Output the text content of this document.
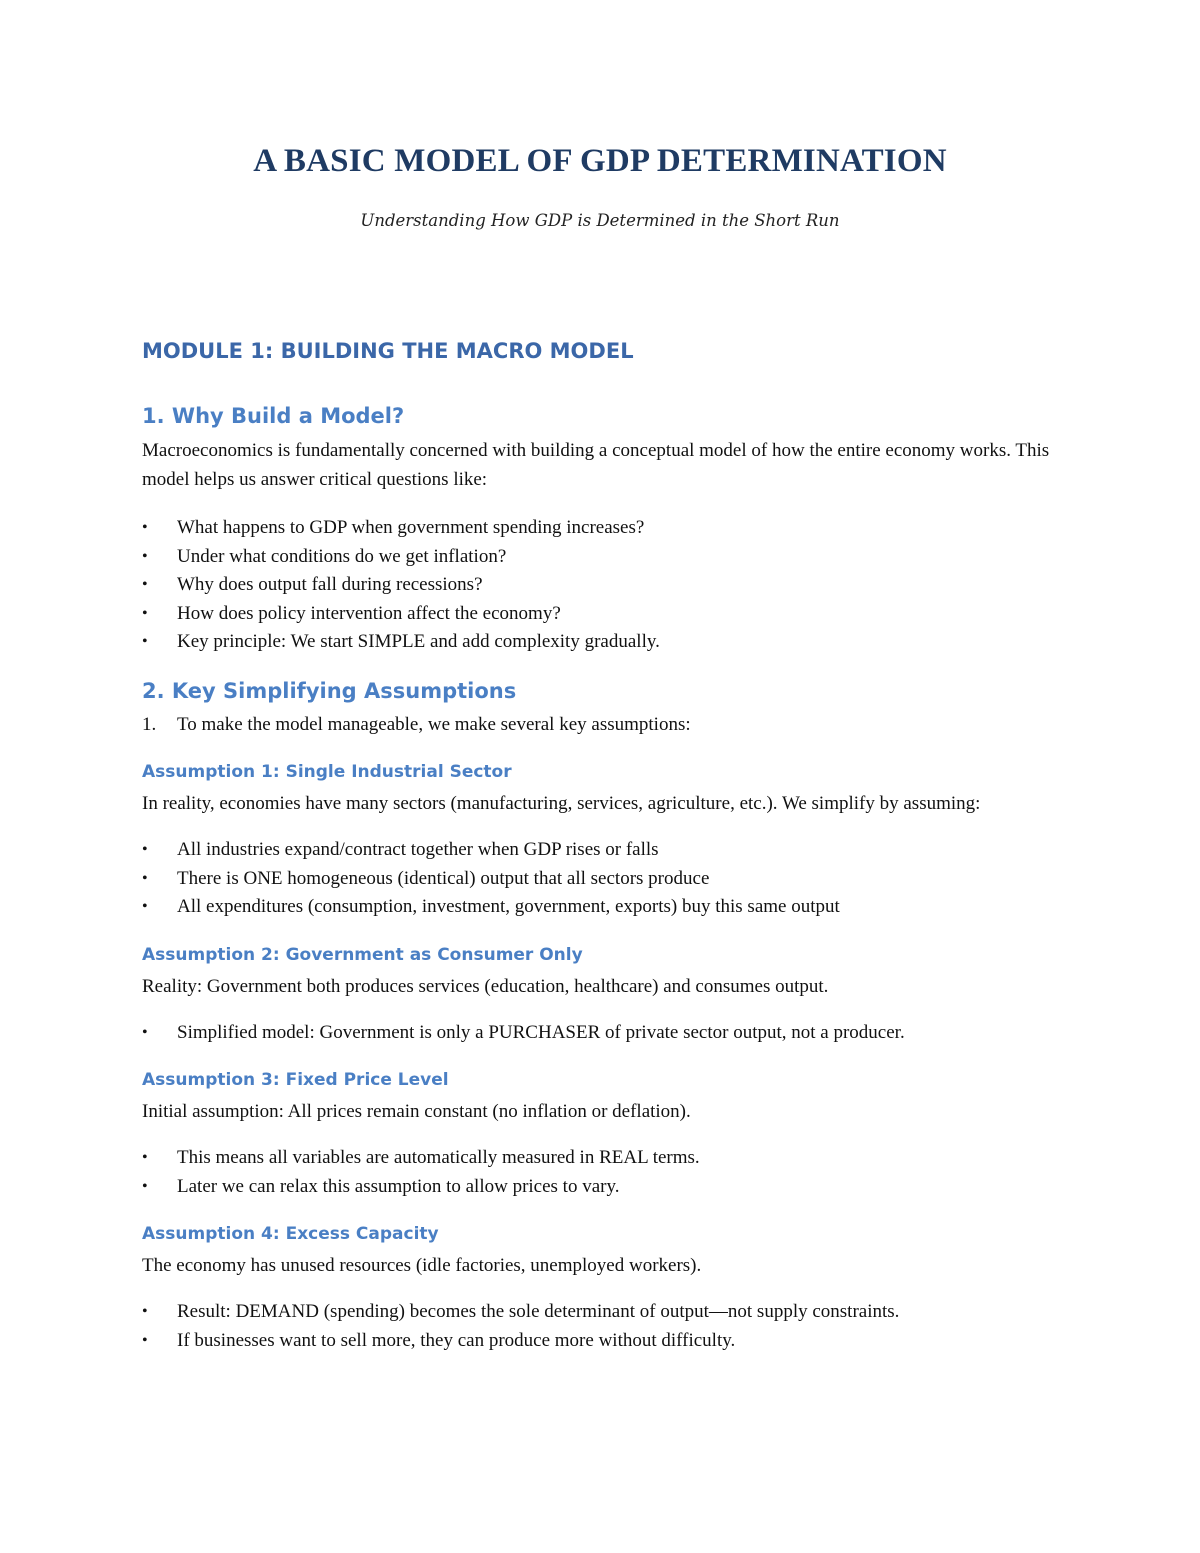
A BASIC MODEL OF GDP DETERMINATION

Understanding How GDP is Determined in the Short Run

MODULE 1: BUILDING THE MACRO MODEL
1. Why Build a Model?

Macroeconomics is fundamentally concerned with building a conceptual model of how the entire economy works. This model helps us answer critical questions like:

• What happens to GDP when government spending increases?
• Under what conditions do we get inflation?
• Why does output fall during recessions?
• How does policy intervention affect the economy?
• Key principle: We start SIMPLE and add complexity gradually.
2. Key Simplifying Assumptions
1. To make the model manageable, we make several key assumptions:
Assumption 1: Single Industrial Sector

In reality, economies have many sectors (manufacturing, services, agriculture, etc.). We simplify by assuming:

• All industries expand/contract together when GDP rises or falls
• There is ONE homogeneous (identical) output that all sectors produce
• All expenditures (consumption, investment, government, exports) buy this same output
Assumption 2: Government as Consumer Only

Reality: Government both produces services (education, healthcare) and consumes output.

• Simplified model: Government is only a PURCHASER of private sector output, not a producer.
Assumption 3: Fixed Price Level

Initial assumption: All prices remain constant (no inflation or deflation).

• This means all variables are automatically measured in REAL terms.
• Later we can relax this assumption to allow prices to vary.
Assumption 4: Excess Capacity

The economy has unused resources (idle factories, unemployed workers).

• Result: DEMAND (spending) becomes the sole determinant of output—not supply constraints.
• If businesses want to sell more, they can produce more without difficulty.
